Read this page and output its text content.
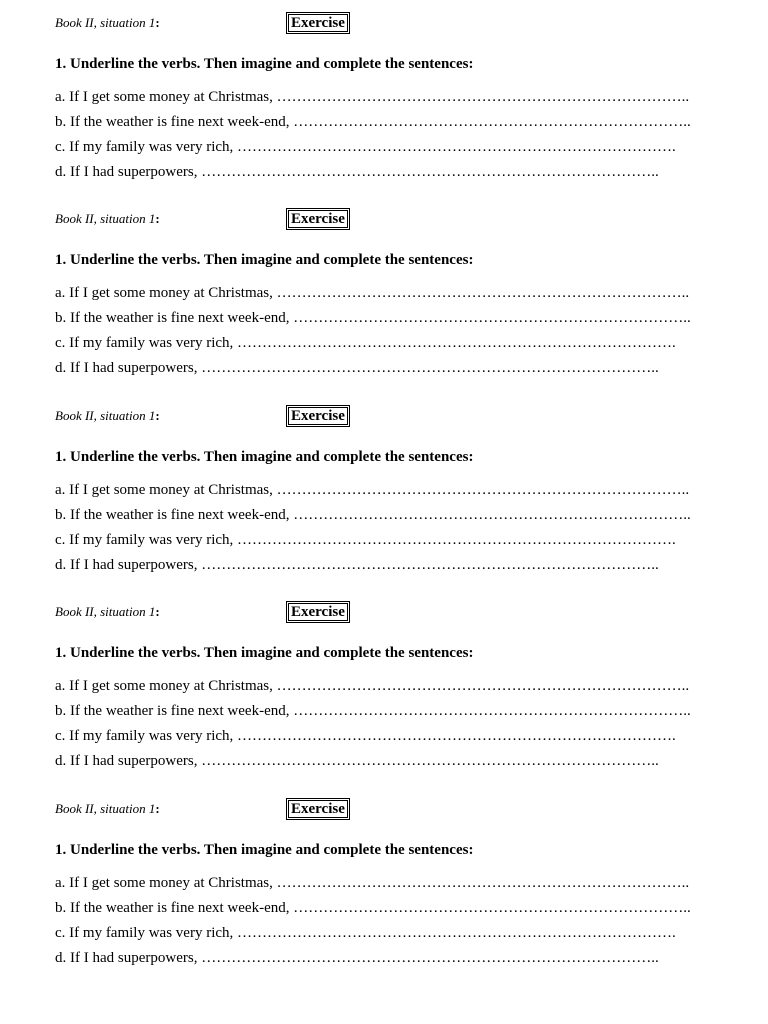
Book II, situation 1:	Exercise
1. Underline the verbs. Then imagine and complete the sentences:
a. If I get some money at Christmas, ………………………………………………………………………..
b. If the weather is fine next week-end, ……………………………………………………………………..
c. If my family was very rich, …………………………………………………………………………….
d. If I had superpowers, ………………………………………………………………………………..
Book II, situation 1:	Exercise
1. Underline the verbs. Then imagine and complete the sentences:
a. If I get some money at Christmas, ………………………………………………………………………..
b. If the weather is fine next week-end, ……………………………………………………………………..
c. If my family was very rich, …………………………………………………………………………….
d. If I had superpowers, ………………………………………………………………………………..
Book II, situation 1:	Exercise
1. Underline the verbs. Then imagine and complete the sentences:
a. If I get some money at Christmas, ………………………………………………………………………..
b. If the weather is fine next week-end, ……………………………………………………………………..
c. If my family was very rich, …………………………………………………………………………….
d. If I had superpowers, ………………………………………………………………………………..
Book II, situation 1:	Exercise
1. Underline the verbs. Then imagine and complete the sentences:
a. If I get some money at Christmas, ………………………………………………………………………..
b. If the weather is fine next week-end, ……………………………………………………………………..
c. If my family was very rich, …………………………………………………………………………….
d. If I had superpowers, ………………………………………………………………………………..
Book II, situation 1:	Exercise
1. Underline the verbs. Then imagine and complete the sentences:
a. If I get some money at Christmas, ………………………………………………………………………..
b. If the weather is fine next week-end, ……………………………………………………………………..
c. If my family was very rich, …………………………………………………………………………….
d. If I had superpowers, ………………………………………………………………………………..
